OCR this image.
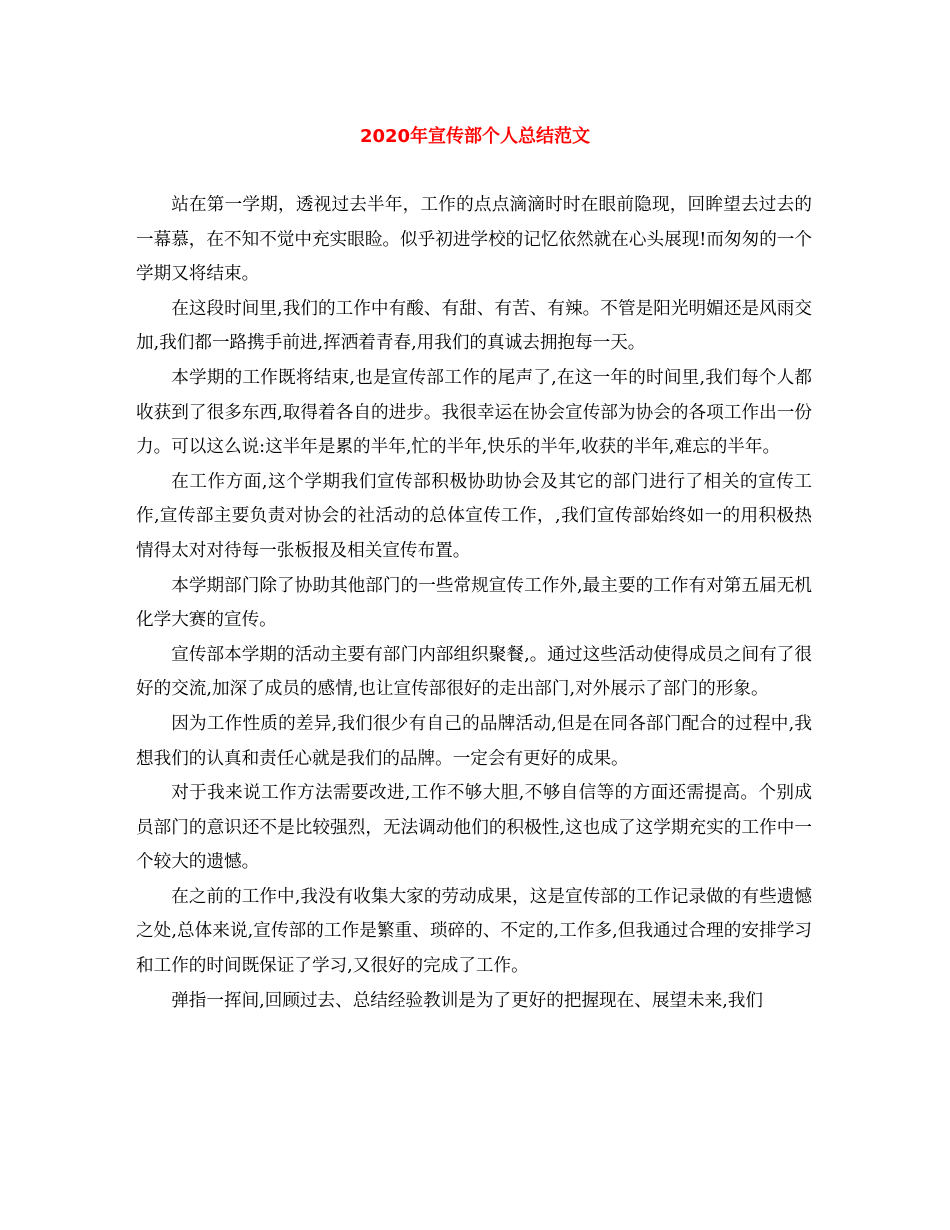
2020年宣传部个人总结范文

站在第一学期，透视过去半年，工作的点点滴滴时时在眼前隐现，回眸望去过去的一幕慕，在不知不觉中充实眼睑。似乎初进学校的记忆依然就在心头展现!而匆匆的一个学期又将结束。

在这段时间里,我们的工作中有酸、有甜、有苦、有辣。不管是阳光明媚还是风雨交加,我们都一路携手前进,挥洒着青春,用我们的真诚去拥抱每一天。

本学期的工作既将结束,也是宣传部工作的尾声了,在这一年的时间里,我们每个人都收获到了很多东西,取得着各自的进步。我很幸运在协会宣传部为协会的各项工作出一份力。可以这么说:这半年是累的半年,忙的半年,快乐的半年,收获的半年,难忘的半年。

在工作方面,这个学期我们宣传部积极协助协会及其它的部门进行了相关的宣传工作,宣传部主要负责对协会的社活动的总体宣传工作，,我们宣传部始终如一的用积极热情得太对对待每一张板报及相关宣传布置。

本学期部门除了协助其他部门的一些常规宣传工作外,最主要的工作有对第五届无机化学大赛的宣传。

宣传部本学期的活动主要有部门内部组织聚餐,。通过这些活动使得成员之间有了很好的交流,加深了成员的感情,也让宣传部很好的走出部门,对外展示了部门的形象。

因为工作性质的差异,我们很少有自己的品牌活动,但是在同各部门配合的过程中,我想我们的认真和责任心就是我们的品牌。一定会有更好的成果。

对于我来说工作方法需要改进,工作不够大胆,不够自信等的方面还需提高。个别成员部门的意识还不是比较强烈，无法调动他们的积极性,这也成了这学期充实的工作中一个较大的遗憾。

在之前的工作中,我没有收集大家的劳动成果，这是宣传部的工作记录做的有些遗憾之处,总体来说,宣传部的工作是繁重、琐碎的、不定的,工作多,但我通过合理的安排学习和工作的时间既保证了学习,又很好的完成了工作。

弹指一挥间,回顾过去、总结经验教训是为了更好的把握现在、展望未来,我们
